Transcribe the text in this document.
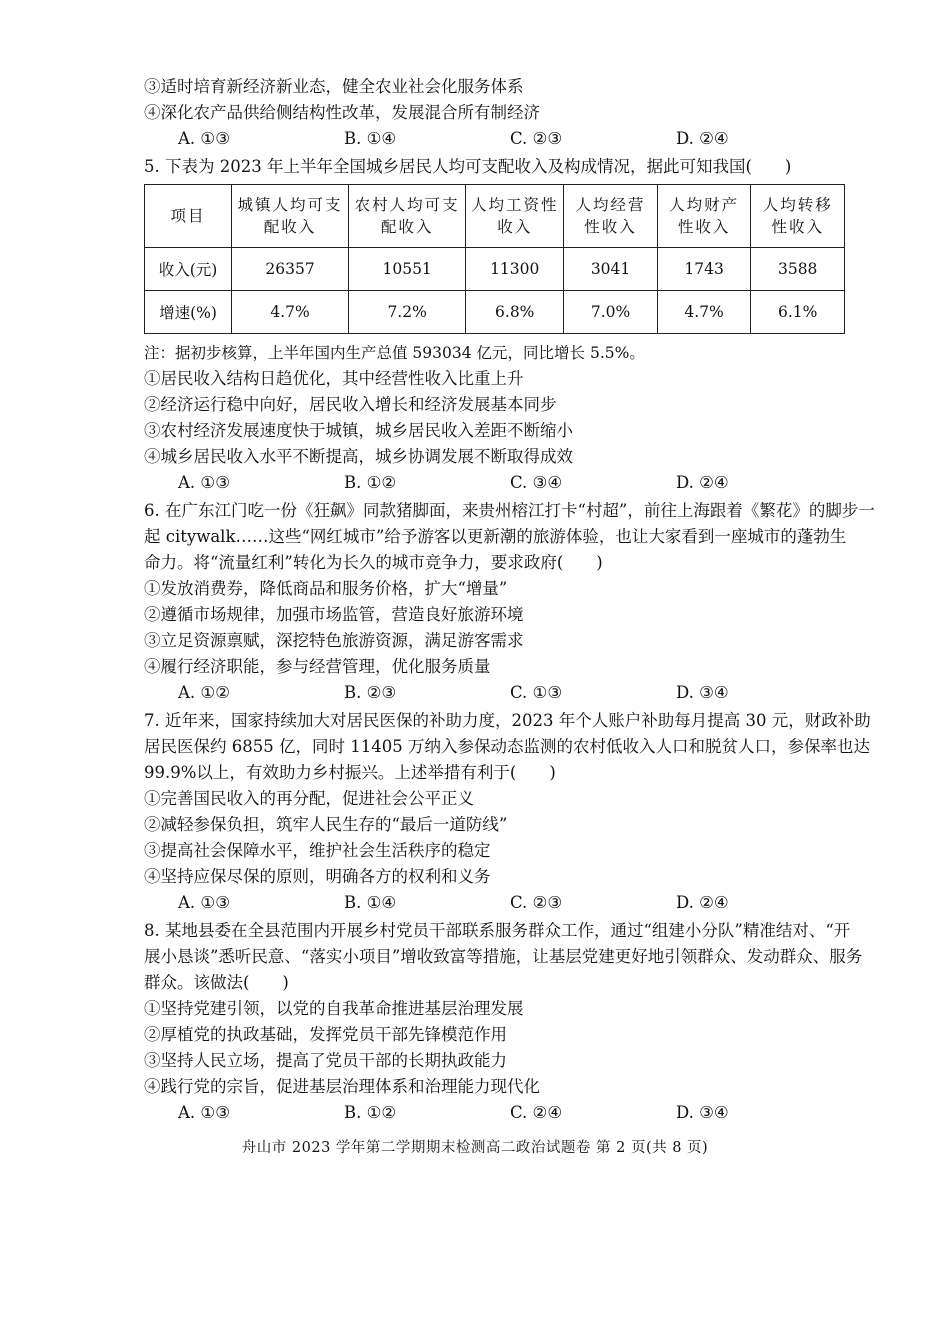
③适时培育新经济新业态，健全农业社会化服务体系
④深化农产品供给侧结构性改革，发展混合所有制经济
A. ①③	B. ①④	C. ②③	D. ②④
5. 下表为 2023 年上半年全国城乡居民人均可支配收入及构成情况，据此可知我国(　　)
项目	城镇人均可支配收入	农村人均可支配收入	人均工资性收入	人均经营性收入	人均财产性收入	人均转移性收入
收入(元)	26357	10551	11300	3041	1743	3588
增速(%)	4.7%	7.2%	6.8%	7.0%	4.7%	6.1%
注：据初步核算，上半年国内生产总值 593034 亿元，同比增长 5.5%。
①居民收入结构日趋优化，其中经营性收入比重上升
②经济运行稳中向好，居民收入增长和经济发展基本同步
③农村经济发展速度快于城镇，城乡居民收入差距不断缩小
④城乡居民收入水平不断提高，城乡协调发展不断取得成效
A. ①③	B. ①②	C. ③④	D. ②④
6. 在广东江门吃一份《狂飙》同款猪脚面，来贵州榕江打卡“村超”，前往上海跟着《繁花》的脚步一
起 citywalk……这些“网红城市”给予游客以更新潮的旅游体验，也让大家看到一座城市的蓬勃生
命力。将“流量红利”转化为长久的城市竞争力，要求政府(　　)
①发放消费券，降低商品和服务价格，扩大“增量”
②遵循市场规律，加强市场监管，营造良好旅游环境
③立足资源禀赋，深挖特色旅游资源，满足游客需求
④履行经济职能，参与经营管理，优化服务质量
A. ①②	B. ②③	C. ①③	D. ③④
7. 近年来，国家持续加大对居民医保的补助力度，2023 年个人账户补助每月提高 30 元，财政补助
居民医保约 6855 亿，同时 11405 万纳入参保动态监测的农村低收入人口和脱贫人口，参保率也达
99.9%以上，有效助力乡村振兴。上述举措有利于(　　)
①完善国民收入的再分配，促进社会公平正义
②减轻参保负担，筑牢人民生存的“最后一道防线”
③提高社会保障水平，维护社会生活秩序的稳定
④坚持应保尽保的原则，明确各方的权利和义务
A. ①③	B. ①④	C. ②③	D. ②④
8. 某地县委在全县范围内开展乡村党员干部联系服务群众工作，通过“组建小分队”精准结对、“开
展小恳谈”悉听民意、“落实小项目”增收致富等措施，让基层党建更好地引领群众、发动群众、服务
群众。该做法(　　)
①坚持党建引领，以党的自我革命推进基层治理发展
②厚植党的执政基础，发挥党员干部先锋模范作用
③坚持人民立场，提高了党员干部的长期执政能力
④践行党的宗旨，促进基层治理体系和治理能力现代化
A. ①③	B. ①②	C. ②④	D. ③④
舟山市 2023 学年第二学期期末检测高二政治试题卷 第 2 页(共 8 页)
